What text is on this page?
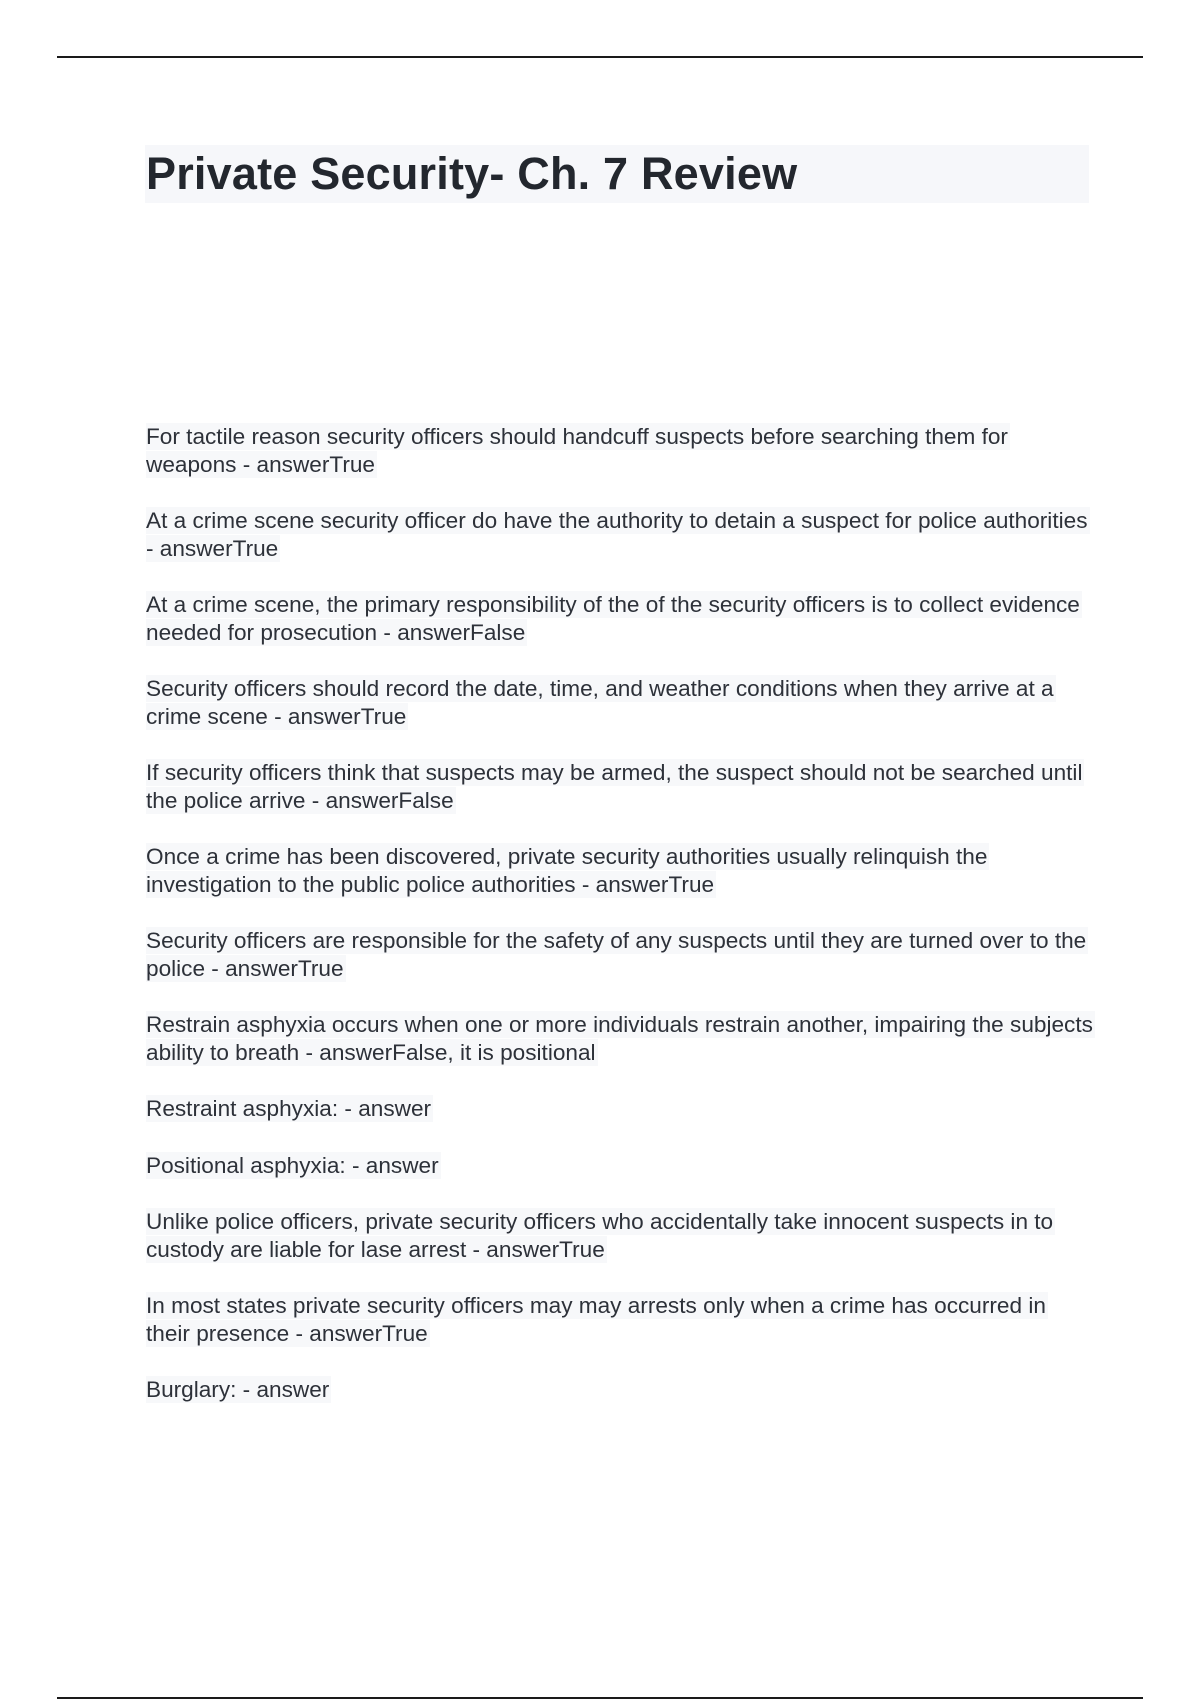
Private Security- Ch. 7 Review

For tactile reason security officers should handcuff suspects before searching them for weapons - answerTrue

At a crime scene security officer do have the authority to detain a suspect for police authorities - answerTrue

At a crime scene, the primary responsibility of the of the security officers is to collect evidence needed for prosecution - answerFalse

Security officers should record the date, time, and weather conditions when they arrive at a crime scene - answerTrue

If security officers think that suspects may be armed, the suspect should not be searched until the police arrive - answerFalse

Once a crime has been discovered, private security authorities usually relinquish the investigation to the public police authorities - answerTrue

Security officers are responsible for the safety of any suspects until they are turned over to the police - answerTrue

Restrain asphyxia occurs when one or more individuals restrain another, impairing the subjects ability to breath - answerFalse, it is positional

Restraint asphyxia: - answer

Positional asphyxia: - answer

Unlike police officers, private security officers who accidentally take innocent suspects in to custody are liable for lase arrest - answerTrue

In most states private security officers may may arrests only when a crime has occurred in their presence - answerTrue

Burglary: - answer
